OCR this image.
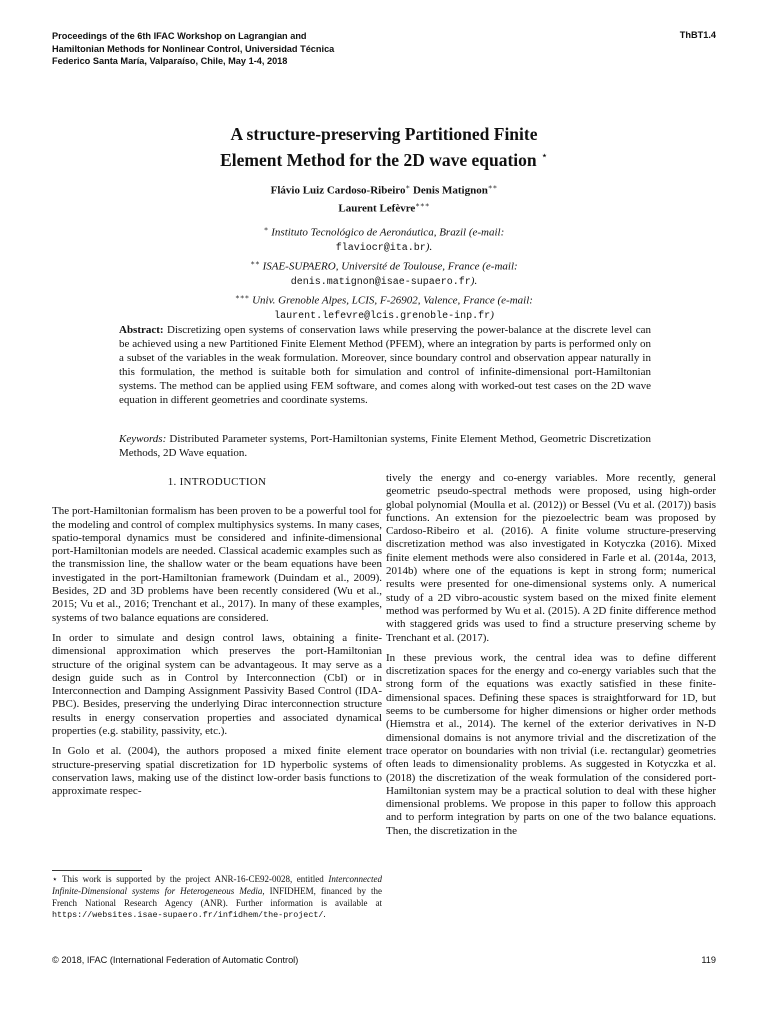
Proceedings of the 6th IFAC Workshop on Lagrangian and
Hamiltonian Methods for Nonlinear Control, Universidad Técnica
Federico Santa María, Valparaíso, Chile, May 1-4, 2018
ThBT1.4
A structure-preserving Partitioned Finite
Element Method for the 2D wave equation ⋆
Flávio Luiz Cardoso-Ribeiro∗ Denis Matignon∗∗
Laurent Lefèvre∗∗∗
∗ Instituto Tecnológico de Aeronáutica, Brazil (e-mail:
flaviocr@ita.br).
∗∗ ISAE-SUPAERO, Université de Toulouse, France (e-mail:
denis.matignon@isae-supaero.fr).
∗∗∗ Univ. Grenoble Alpes, LCIS, F-26902, Valence, France (e-mail:
laurent.lefevre@lcis.grenoble-inp.fr)
Abstract: Discretizing open systems of conservation laws while preserving the power-balance at the discrete level can be achieved using a new Partitioned Finite Element Method (PFEM), where an integration by parts is performed only on a subset of the variables in the weak formulation. Moreover, since boundary control and observation appear naturally in this formulation, the method is suitable both for simulation and control of infinite-dimensional port-Hamiltonian systems. The method can be applied using FEM software, and comes along with worked-out test cases on the 2D wave equation in different geometries and coordinate systems.
Keywords: Distributed Parameter systems, Port-Hamiltonian systems, Finite Element Method, Geometric Discretization Methods, 2D Wave equation.
1. INTRODUCTION

The port-Hamiltonian formalism has been proven to be a powerful tool for the modeling and control of complex multiphysics systems. In many cases, spatio-temporal dynamics must be considered and infinite-dimensional port-Hamiltonian models are needed. Classical academic examples such as the transmission line, the shallow water or the beam equations have been investigated in the port-Hamiltonian framework (Duindam et al., 2009). Besides, 2D and 3D problems have been recently considered (Wu et al., 2015; Vu et al., 2016; Trenchant et al., 2017). In many of these examples, systems of two balance equations are considered.

In order to simulate and design control laws, obtaining a finite-dimensional approximation which preserves the port-Hamiltonian structure of the original system can be advantageous. It may serve as a design guide such as in Control by Interconnection (CbI) or in Interconnection and Damping Assignment Passivity Based Control (IDA-PBC). Besides, preserving the underlying Dirac interconnection structure results in energy conservation properties and associated dynamical properties (e.g. stability, passivity, etc.).

In Golo et al. (2004), the authors proposed a mixed finite element structure-preserving spatial discretization for 1D hyperbolic systems of conservation laws, making use of the distinct low-order basis functions to approximate respec-

tively the energy and co-energy variables. More recently, general geometric pseudo-spectral methods were proposed, using high-order global polynomial (Moulla et al. (2012)) or Bessel (Vu et al. (2017)) basis functions. An extension for the piezoelectric beam was proposed by Cardoso-Ribeiro et al. (2016). A finite volume structure-preserving discretization method was also investigated in Kotyczka (2016). Mixed finite element methods were also considered in Farle et al. (2014a, 2013, 2014b) where one of the equations is kept in strong form; numerical results were presented for one-dimensional systems only. A numerical study of a 2D vibro-acoustic system based on the mixed finite element method was performed by Wu et al. (2015). A 2D finite difference method with staggered grids was used to find a structure preserving scheme by Trenchant et al. (2017).

In these previous work, the central idea was to define different discretization spaces for the energy and co-energy variables such that the strong form of the equations was exactly satisfied in these finite-dimensional spaces. Defining these spaces is straightforward for 1D, but seems to be cumbersome for higher dimensions or higher order methods (Hiemstra et al., 2014). The kernel of the exterior derivatives in N-D dimensional domains is not anymore trivial and the discretization of the trace operator on boundaries with non trivial (i.e. rectangular) geometries often leads to dimensionality problems. As suggested in Kotyczka et al. (2018) the discretization of the weak formulation of the considered port-Hamiltonian system may be a practical solution to deal with these higher dimensional problems. We propose in this paper to follow this approach and to perform integration by parts on one of the two balance equations. Then, the discretization in the

⋆ This work is supported by the project ANR-16-CE92-0028, entitled Interconnected Infinite-Dimensional systems for Heterogeneous Media, INFIDHEM, financed by the French National Research Agency (ANR). Further information is available at https://websites.isae-supaero.fr/infidhem/the-project/.
© 2018, IFAC (International Federation of Automatic Control)	119
